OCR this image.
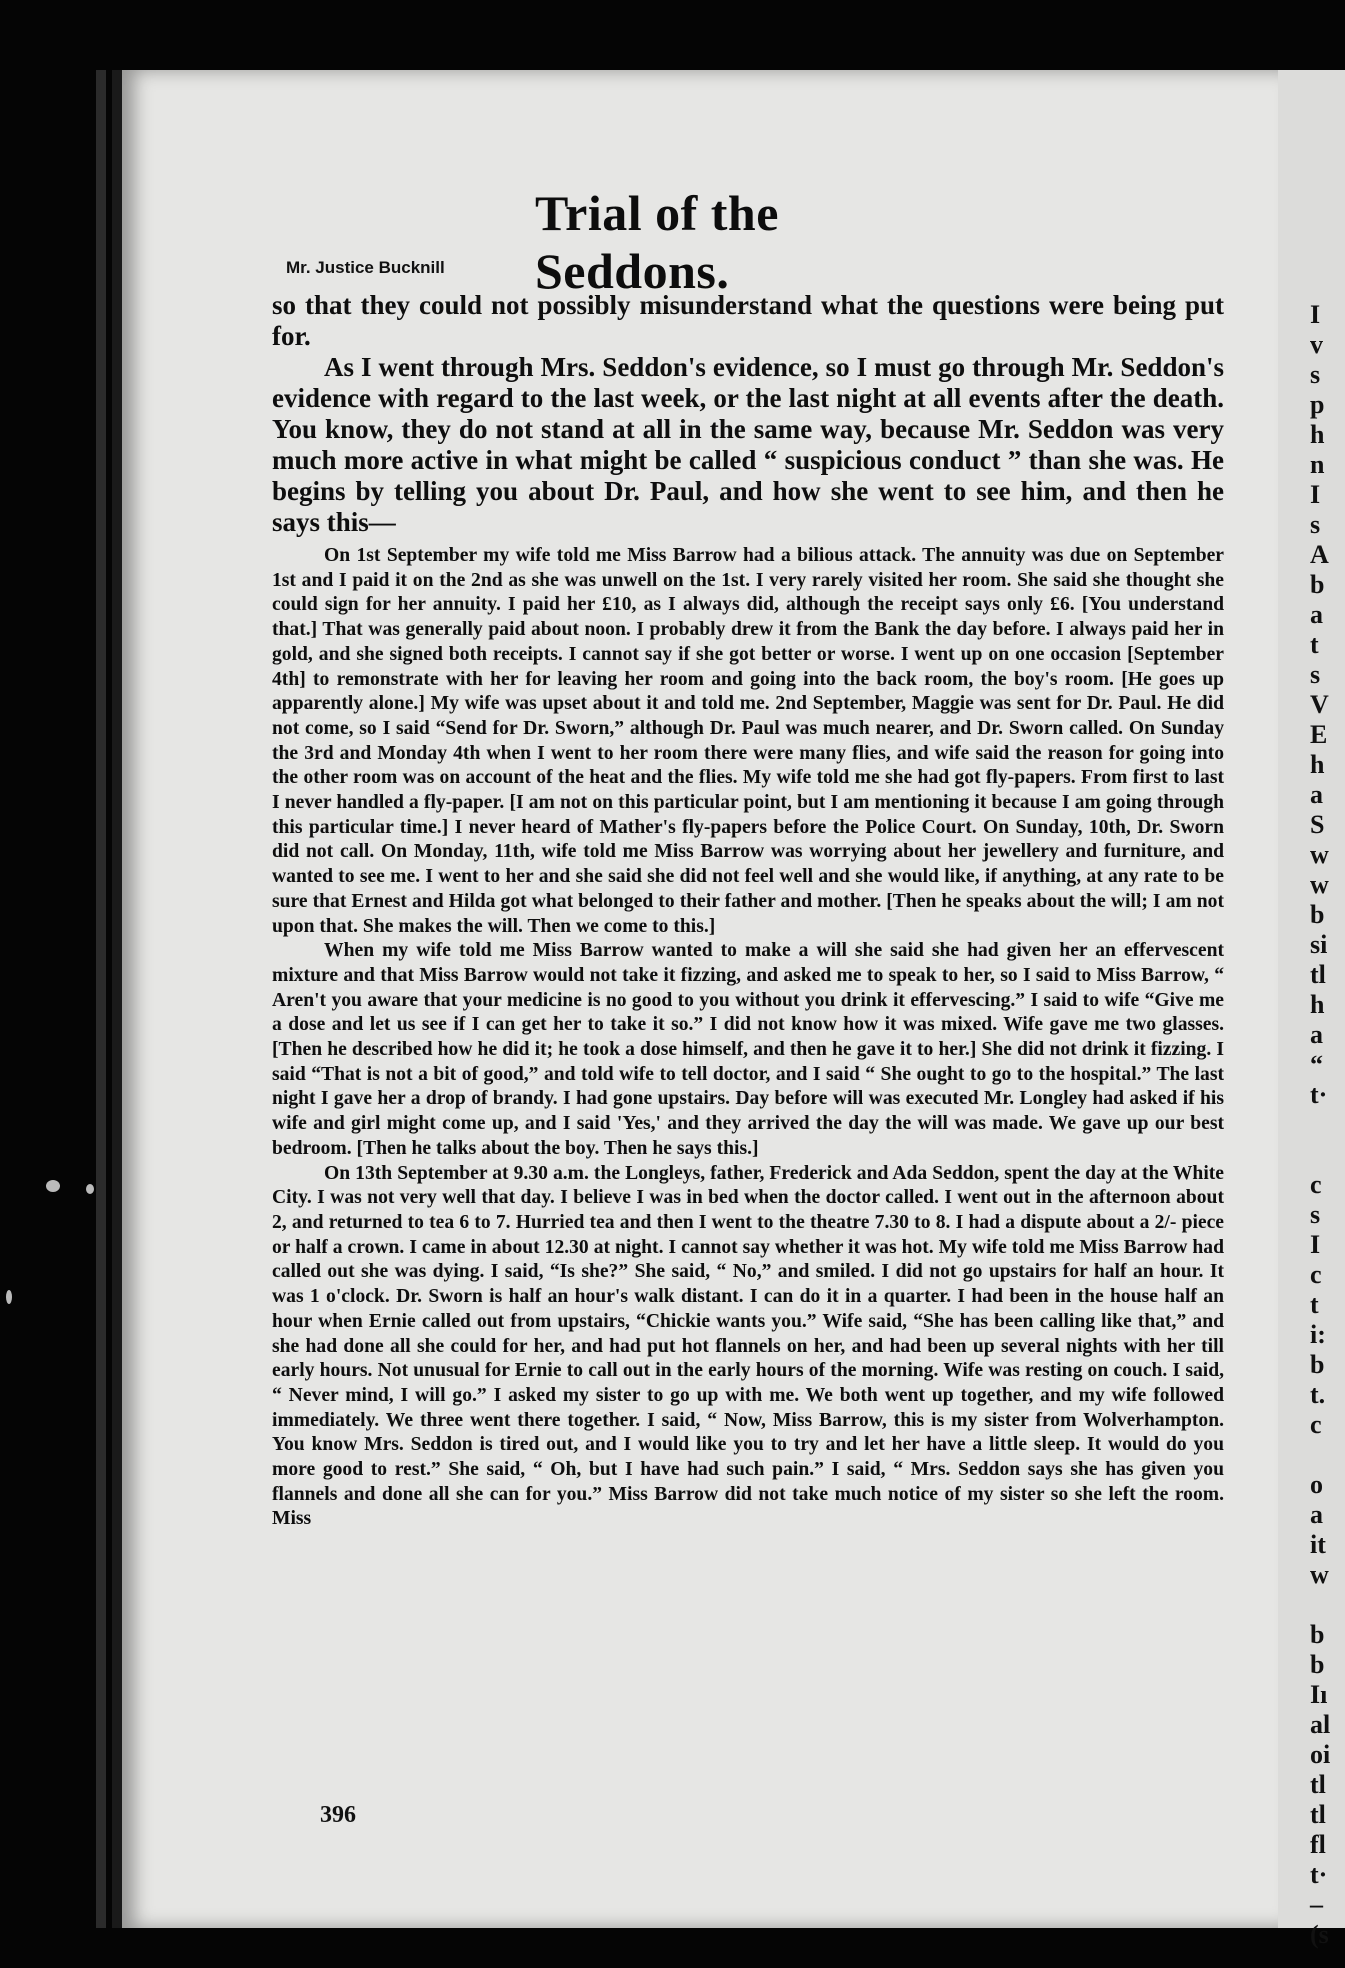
I
v
s
p
h
n
I
s
A
b
a
t
s
V
E
h
a
S
w
w
b
si
tl
h
a
“
t·

c
s
I
c
t
i:
b
t.
c

o
a
it
w

b
b
Iı
al
oi
tl
tl
fl
t·
–
(s
Trial of the Seddons.
Mr. Justice Bucknill

so that they could not possibly misunderstand what the questions were being put for.

As I went through Mrs. Seddon's evidence, so I must go through Mr. Seddon's evidence with regard to the last week, or the last night at all events after the death. You know, they do not stand at all in the same way, because Mr. Seddon was very much more active in what might be called “ suspicious conduct ” than she was. He begins by telling you about Dr. Paul, and how she went to see him, and then he says this—

On 1st September my wife told me Miss Barrow had a bilious attack. The annuity was due on September 1st and I paid it on the 2nd as she was unwell on the 1st. I very rarely visited her room. She said she thought she could sign for her annuity. I paid her £10, as I always did, although the receipt says only £6. [You understand that.] That was generally paid about noon. I probably drew it from the Bank the day before. I always paid her in gold, and she signed both receipts. I cannot say if she got better or worse. I went up on one occasion [September 4th] to remonstrate with her for leaving her room and going into the back room, the boy's room. [He goes up apparently alone.] My wife was upset about it and told me. 2nd September, Maggie was sent for Dr. Paul. He did not come, so I said “Send for Dr. Sworn,” although Dr. Paul was much nearer, and Dr. Sworn called. On Sunday the 3rd and Monday 4th when I went to her room there were many flies, and wife said the reason for going into the other room was on account of the heat and the flies. My wife told me she had got fly-papers. From first to last I never handled a fly-paper. [I am not on this particular point, but I am mentioning it because I am going through this particular time.] I never heard of Mather's fly-papers before the Police Court. On Sunday, 10th, Dr. Sworn did not call. On Monday, 11th, wife told me Miss Barrow was worrying about her jewellery and furniture, and wanted to see me. I went to her and she said she did not feel well and she would like, if anything, at any rate to be sure that Ernest and Hilda got what belonged to their father and mother. [Then he speaks about the will; I am not upon that. She makes the will. Then we come to this.]

When my wife told me Miss Barrow wanted to make a will she said she had given her an effervescent mixture and that Miss Barrow would not take it fizzing, and asked me to speak to her, so I said to Miss Barrow, “ Aren't you aware that your medicine is no good to you without you drink it effervescing.” I said to wife “Give me a dose and let us see if I can get her to take it so.” I did not know how it was mixed. Wife gave me two glasses. [Then he described how he did it; he took a dose himself, and then he gave it to her.] She did not drink it fizzing. I said “That is not a bit of good,” and told wife to tell doctor, and I said “ She ought to go to the hospital.” The last night I gave her a drop of brandy. I had gone upstairs. Day before will was executed Mr. Longley had asked if his wife and girl might come up, and I said 'Yes,' and they arrived the day the will was made. We gave up our best bedroom. [Then he talks about the boy. Then he says this.]

On 13th September at 9.30 a.m. the Longleys, father, Frederick and Ada Seddon, spent the day at the White City. I was not very well that day. I believe I was in bed when the doctor called. I went out in the afternoon about 2, and returned to tea 6 to 7. Hurried tea and then I went to the theatre 7.30 to 8. I had a dispute about a 2/- piece or half a crown. I came in about 12.30 at night. I cannot say whether it was hot. My wife told me Miss Barrow had called out she was dying. I said, “Is she?” She said, “ No,” and smiled. I did not go upstairs for half an hour. It was 1 o'clock. Dr. Sworn is half an hour's walk distant. I can do it in a quarter. I had been in the house half an hour when Ernie called out from upstairs, “Chickie wants you.” Wife said, “She has been calling like that,” and she had done all she could for her, and had put hot flannels on her, and had been up several nights with her till early hours. Not unusual for Ernie to call out in the early hours of the morning. Wife was resting on couch. I said, “ Never mind, I will go.” I asked my sister to go up with me. We both went up together, and my wife followed immediately. We three went there together. I said, “ Now, Miss Barrow, this is my sister from Wolverhampton. You know Mrs. Seddon is tired out, and I would like you to try and let her have a little sleep. It would do you more good to rest.” She said, “ Oh, but I have had such pain.” I said, “ Mrs. Seddon says she has given you flannels and done all she can for you.” Miss Barrow did not take much notice of my sister so she left the room. Miss

396
